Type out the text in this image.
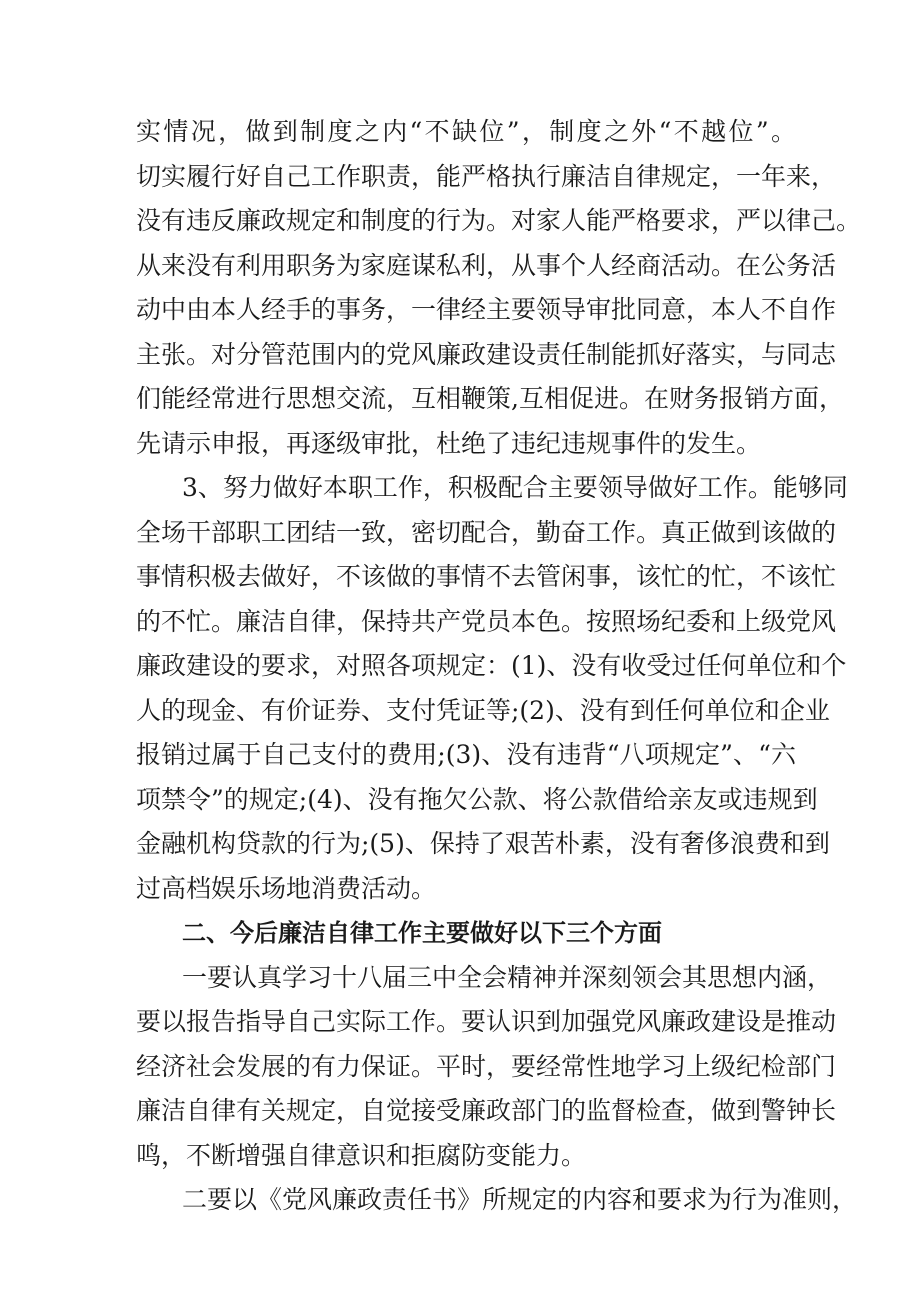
实情况，做到制度之内“不缺位”，制度之外“不越位”。

切实履行好自己工作职责，能严格执行廉洁自律规定，一年来，

没有违反廉政规定和制度的行为。对家人能严格要求，严以律己。

从来没有利用职务为家庭谋私利，从事个人经商活动。在公务活

动中由本人经手的事务，一律经主要领导审批同意，本人不自作

主张。对分管范围内的党风廉政建设责任制能抓好落实，与同志

们能经常进行思想交流，互相鞭策,互相促进。在财务报销方面，

先请示申报，再逐级审批，杜绝了违纪违规事件的发生。

3、努力做好本职工作，积极配合主要领导做好工作。能够同

全场干部职工团结一致，密切配合，勤奋工作。真正做到该做的

事情积极去做好，不该做的事情不去管闲事，该忙的忙，不该忙

的不忙。廉洁自律，保持共产党员本色。按照场纪委和上级党风

廉政建设的要求，对照各项规定：(1)、没有收受过任何单位和个

人的现金、有价证券、支付凭证等;(2)、没有到任何单位和企业

报销过属于自己支付的费用;(3)、没有违背“八项规定”、“六

项禁令”的规定;(4)、没有拖欠公款、将公款借给亲友或违规到

金融机构贷款的行为;(5)、保持了艰苦朴素，没有奢侈浪费和到

过高档娱乐场地消费活动。

二、今后廉洁自律工作主要做好以下三个方面

一要认真学习十八届三中全会精神并深刻领会其思想内涵，

要以报告指导自己实际工作。要认识到加强党风廉政建设是推动

经济社会发展的有力保证。平时，要经常性地学习上级纪检部门

廉洁自律有关规定，自觉接受廉政部门的监督检查，做到警钟长

鸣，不断增强自律意识和拒腐防变能力。

二要以《党风廉政责任书》所规定的内容和要求为行为准则，
